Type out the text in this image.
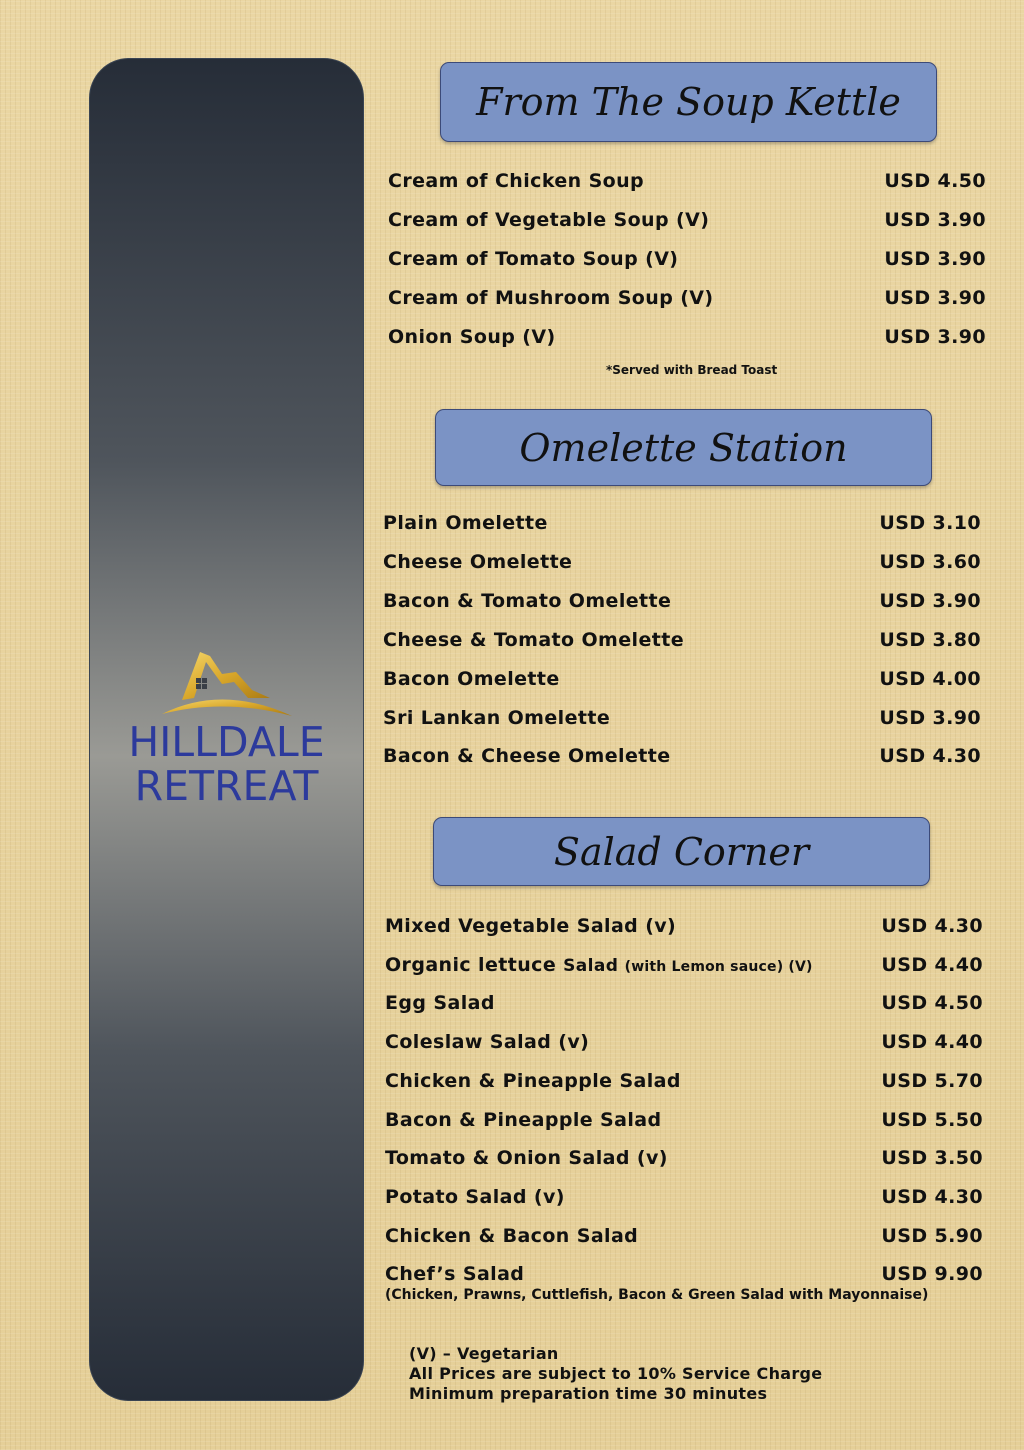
HILLDALE
RETREAT
From The Soup Kettle
Cream of Chicken Soup	USD 4.50
Cream of Vegetable Soup (V)	USD 3.90
Cream of Tomato Soup (V)	USD 3.90
Cream of Mushroom Soup (V)	USD 3.90
Onion Soup (V)	USD 3.90
*Served with Bread Toast
Omelette Station
Plain Omelette	USD 3.10
Cheese Omelette	USD 3.60
Bacon & Tomato Omelette	USD 3.90
Cheese & Tomato Omelette	USD 3.80
Bacon Omelette	USD 4.00
Sri Lankan Omelette	USD 3.90
Bacon & Cheese Omelette	USD 4.30
Salad Corner
Mixed Vegetable Salad (v)	USD 4.30
Organic lettuce Salad (with Lemon sauce) (V)	USD 4.40
Egg Salad	USD 4.50
Coleslaw Salad (v)	USD 4.40
Chicken & Pineapple Salad	USD 5.70
Bacon & Pineapple Salad	USD 5.50
Tomato & Onion Salad (v)	USD 3.50
Potato Salad (v)	USD 4.30
Chicken & Bacon Salad	USD 5.90
Chef’s Salad	USD 9.90
(Chicken, Prawns, Cuttlefish, Bacon & Green Salad with Mayonnaise)
(V) – Vegetarian
All Prices are subject to 10% Service Charge
Minimum preparation time 30 minutes
